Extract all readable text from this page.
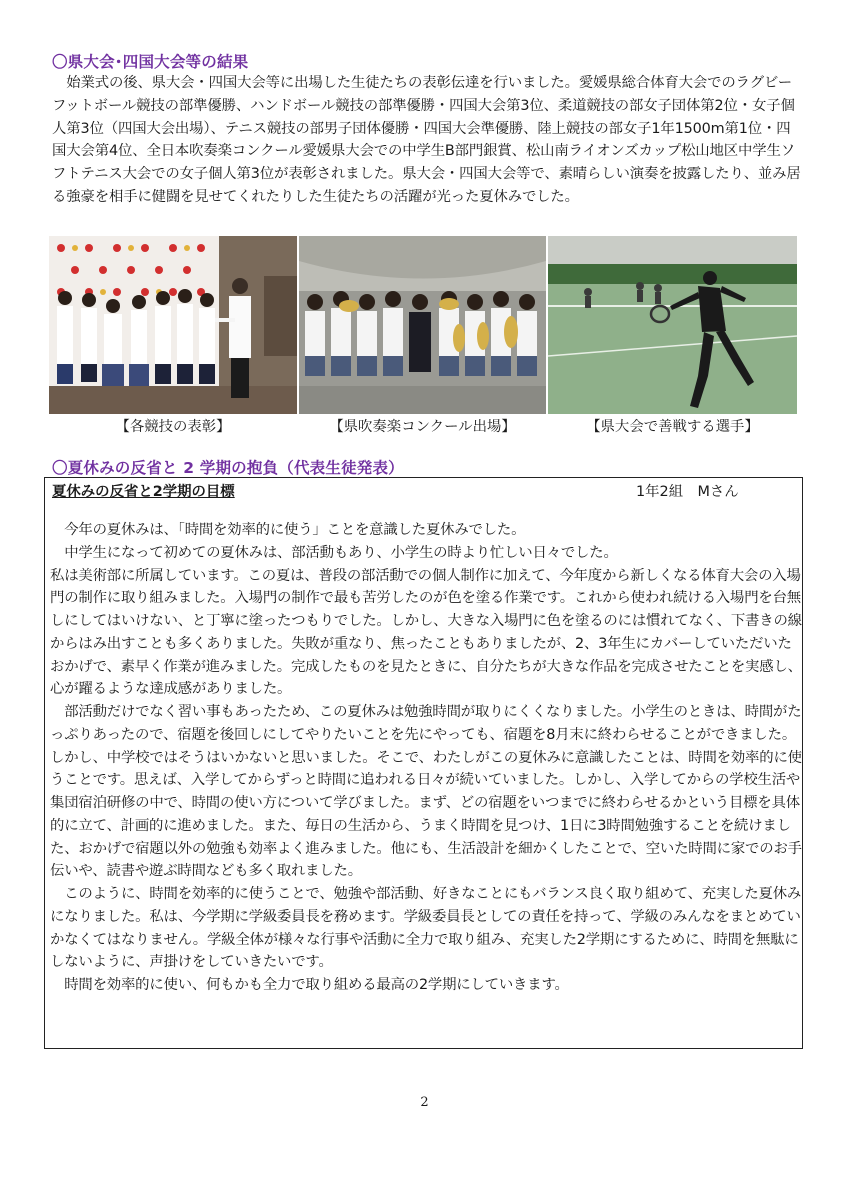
〇県大会･四国大会等の結果

　始業式の後、県大会・四国大会等に出場した生徒たちの表彰伝達を行いました。愛媛県総合体育大会でのラグビーフットボール競技の部準優勝、ハンドボール競技の部準優勝・四国大会第3位、柔道競技の部女子団体第2位・女子個人第3位（四国大会出場）、テニス競技の部男子団体優勝・四国大会準優勝、陸上競技の部女子1年1500m第1位・四国大会第4位、全日本吹奏楽コンクール愛媛県大会での中学生B部門銀賞、松山南ライオンズカップ松山地区中学生ソフトテニス大会での女子個人第3位が表彰されました。県大会・四国大会等で、素晴らしい演奏を披露したり、並み居る強豪を相手に健闘を見せてくれたりした生徒たちの活躍が光った夏休みでした。

【各競技の表彰】	【県吹奏楽コンクール出場】	【県大会で善戦する選手】
〇夏休みの反省と 2 学期の抱負（代表生徒発表）
夏休みの反省と2学期の目標	1年2組　Mさん

　今年の夏休みは、「時間を効率的に使う」ことを意識した夏休みでした。

　中学生になって初めての夏休みは、部活動もあり、小学生の時より忙しい日々でした。

私は美術部に所属しています。この夏は、普段の部活動での個人制作に加えて、今年度から新しくなる体育大会の入場門の制作に取り組みました。入場門の制作で最も苦労したのが色を塗る作業です。これから使われ続ける入場門を台無しにしてはいけない、と丁寧に塗ったつもりでした。しかし、大きな入場門に色を塗るのには慣れてなく、下書きの線からはみ出すことも多くありました。失敗が重なり、焦ったこともありましたが、2、3年生にカバーしていただいたおかげで、素早く作業が進みました。完成したものを見たときに、自分たちが大きな作品を完成させたことを実感し、心が躍るような達成感がありました。

　部活動だけでなく習い事もあったため、この夏休みは勉強時間が取りにくくなりました。小学生のときは、時間がたっぷりあったので、宿題を後回しにしてやりたいことを先にやっても、宿題を8月末に終わらせることができました。しかし、中学校ではそうはいかないと思いました。そこで、わたしがこの夏休みに意識したことは、時間を効率的に使うことです。思えば、入学してからずっと時間に追われる日々が続いていました。しかし、入学してからの学校生活や集団宿泊研修の中で、時間の使い方について学びました。まず、どの宿題をいつまでに終わらせるかという目標を具体的に立て、計画的に進めました。また、毎日の生活から、うまく時間を見つけ、1日に3時間勉強することを続けました、おかげで宿題以外の勉強も効率よく進みました。他にも、生活設計を細かくしたことで、空いた時間に家でのお手伝いや、読書や遊ぶ時間なども多く取れました。

　このように、時間を効率的に使うことで、勉強や部活動、好きなことにもバランス良く取り組めて、充実した夏休みになりました。私は、今学期に学級委員長を務めます。学級委員長としての責任を持って、学級のみんなをまとめていかなくてはなりません。学級全体が様々な行事や活動に全力で取り組み、充実した2学期にするために、時間を無駄にしないように、声掛けをしていきたいです。

　時間を効率的に使い、何もかも全力で取り組める最高の2学期にしていきます。

2
